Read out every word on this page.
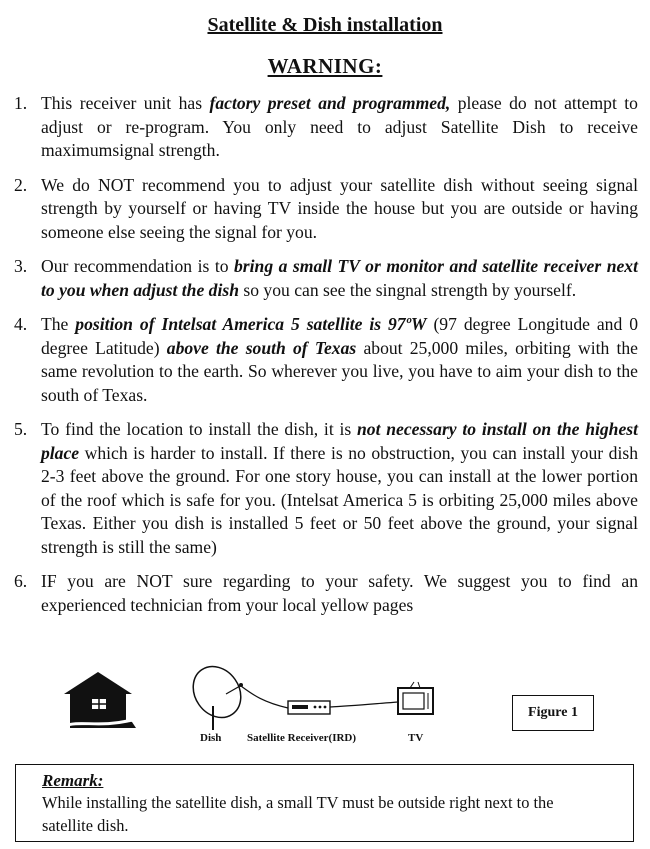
Satellite & Dish installation
WARNING:
1. This receiver unit has factory preset and programmed, please do not attempt to adjust or re-program. You only need to adjust Satellite Dish to receive maximumsignal strength.
2. We do NOT recommend you to adjust your satellite dish without seeing signal strength by yourself or having TV inside the house but you are outside or having someone else seeing the signal for you.
3. Our recommendation is to bring a small TV or monitor and satellite receiver next to you when adjust the dish so you can see the singnal strength by yourself.
4. The position of Intelsat America 5 satellite is 97ºW (97 degree Longitude and 0 degree Latitude) above the south of Texas about 25,000 miles, orbiting with the same revolution to the earth. So wherever you live, you have to aim your dish to the south of Texas.
5. To find the location to install the dish, it is not necessary to install on the highest place which is harder to install. If there is no obstruction, you can install your dish 2-3 feet above the ground. For one story house, you can install at the lower portion of the roof which is safe for you. (Intelsat America 5 is orbiting 25,000 miles above Texas. Either you dish is installed 5 feet or 50 feet above the ground, your signal strength is still the same)
6. IF you are NOT sure regarding to your safety. We suggest you to find an experienced technician from your local yellow pages
Dish Satellite Receiver(IRD)	TV
Figure 1
Remark:
While installing the satellite dish, a small TV must be outside right next to the satellite dish.
